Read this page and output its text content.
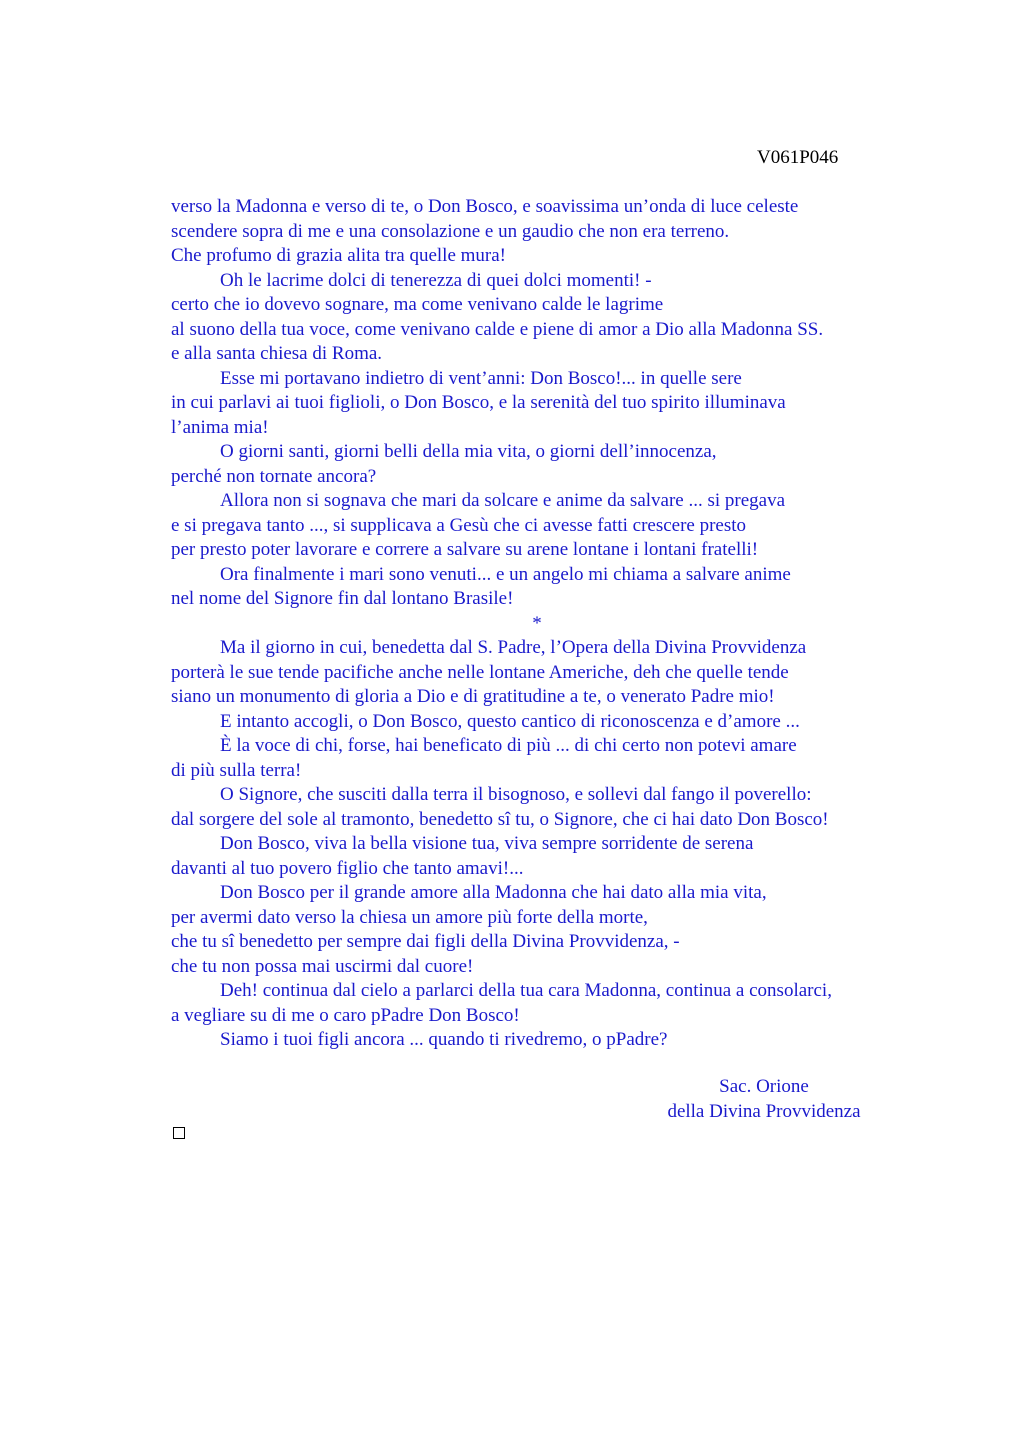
V061P046
verso la Madonna e verso di te, o Don Bosco, e soavissima un’onda di luce celeste
scendere sopra di me e una consolazione e un gaudio che non era terreno.
Che profumo di grazia alita tra quelle mura!
Oh le lacrime dolci di tenerezza di quei dolci momenti! -
certo che io dovevo sognare, ma come venivano calde le lagrime
al suono della tua voce, come venivano calde e piene di amor a Dio alla Madonna SS.
e alla santa chiesa di Roma.
Esse mi portavano indietro di vent’anni: Don Bosco!... in quelle sere
in cui parlavi ai tuoi figlioli, o Don Bosco, e la serenità del tuo spirito illuminava
l’anima mia!
O giorni santi, giorni belli della mia vita, o giorni dell’innocenza,
perché non tornate ancora?
Allora non si sognava che mari da solcare e anime da salvare ... si pregava
e si pregava tanto ..., si supplicava a Gesù che ci avesse fatti crescere presto
per presto poter lavorare e correre a salvare su arene lontane i lontani fratelli!
Ora finalmente i mari sono venuti... e un angelo mi chiama a salvare anime
nel nome del Signore fin dal lontano Brasile!
*
Ma il giorno in cui, benedetta dal S. Padre, l’Opera della Divina Provvidenza
porterà le sue tende pacifiche anche nelle lontane Americhe, deh che quelle tende
siano un monumento di gloria a Dio e di gratitudine a te, o venerato Padre mio!
E intanto accogli, o Don Bosco, questo cantico di riconoscenza e d’amore ...
È la voce di chi, forse, hai beneficato di più ... di chi certo non potevi amare
di più sulla terra!
O Signore, che susciti dalla terra il bisognoso, e sollevi dal fango il poverello:
dal sorgere del sole al tramonto, benedetto sî tu, o Signore, che ci hai dato Don Bosco!
Don Bosco, viva la bella visione tua, viva sempre sorridente de serena
davanti al tuo povero figlio che tanto amavi!...
Don Bosco per il grande amore alla Madonna che hai dato alla mia vita,
per avermi dato verso la chiesa un amore più forte della morte,
che tu sî benedetto per sempre dai figli della Divina Provvidenza, -
che tu non possa mai uscirmi dal cuore!
Deh! continua dal cielo a parlarci della tua cara Madonna, continua a consolarci,
a vegliare su di me o caro pPadre Don Bosco!
Siamo i tuoi figli ancora ... quando ti rivedremo, o pPadre?
Sac. Orione
della Divina Provvidenza
